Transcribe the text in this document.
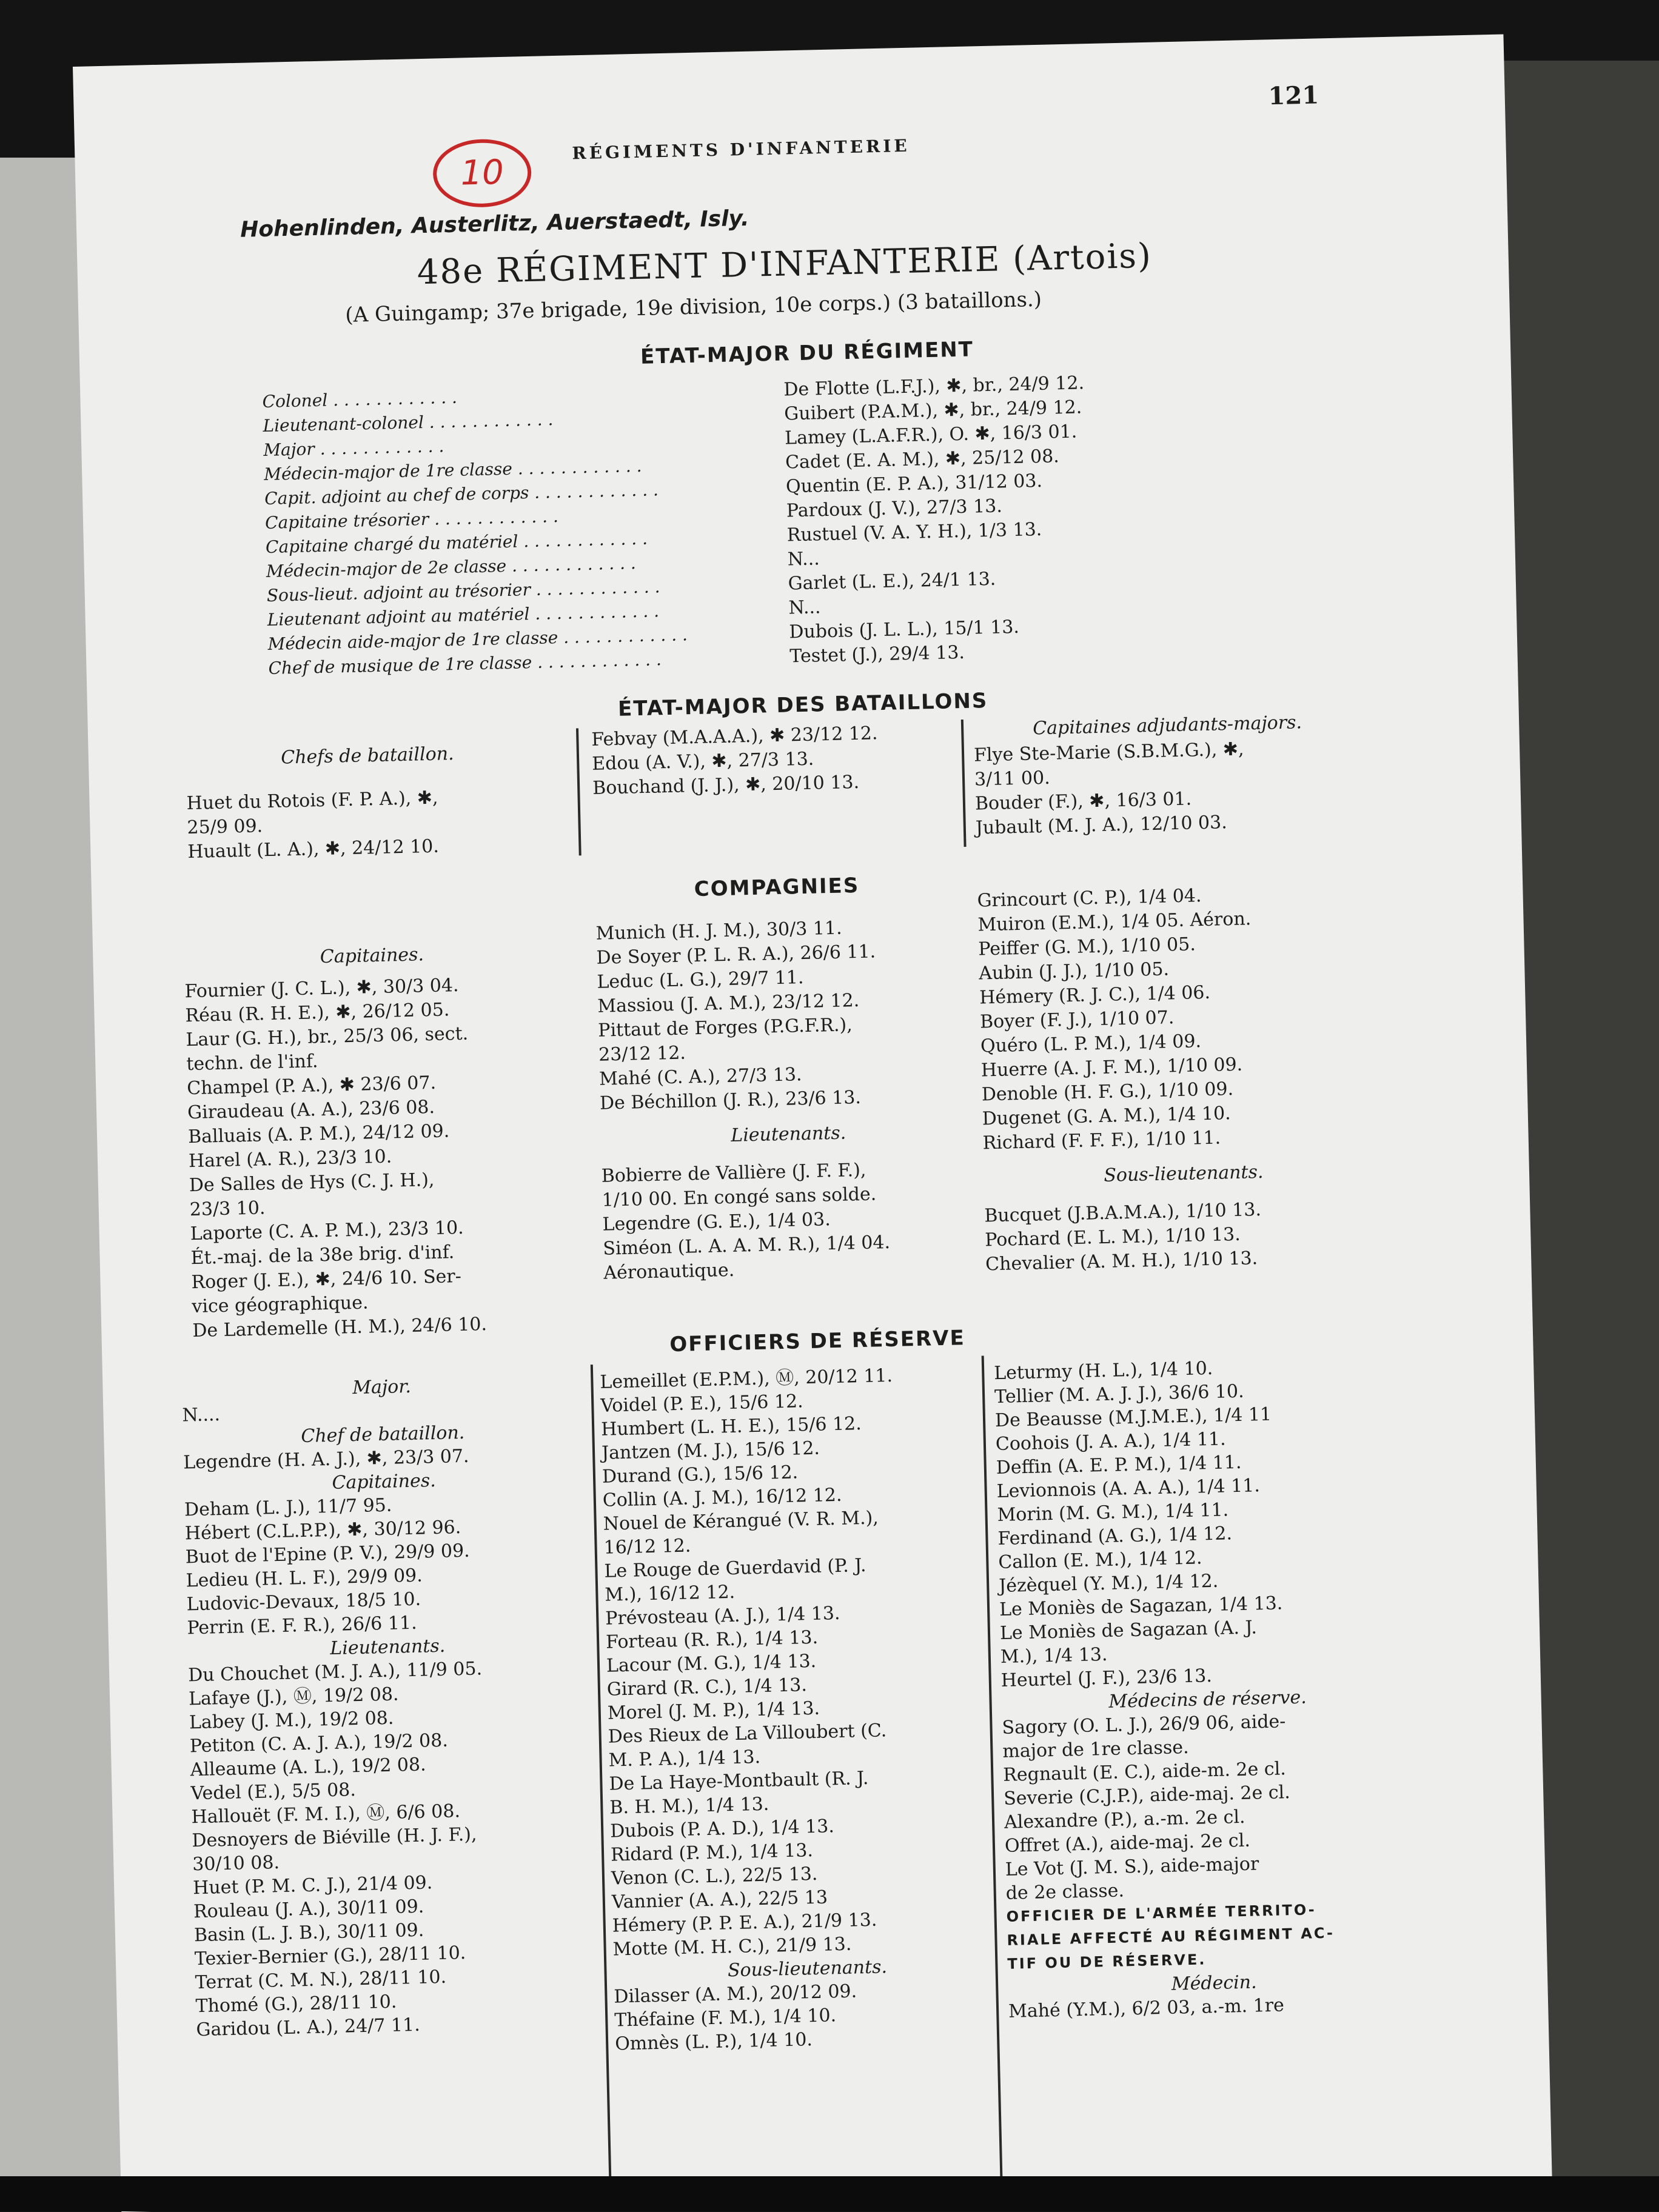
10
RÉGIMENTS D'INFANTERIE
121
Hohenlinden, Austerlitz, Auerstaedt, Isly.
48e RÉGIMENT D'INFANTERIE (Artois)
(A Guingamp; 37e brigade, 19e division, 10e corps.) (3 bataillons.)
ÉTAT-MAJOR DU RÉGIMENT
Colonel . . .
Lieutenant-colonel . . .
Major . . .
Médecin-major de 1re classe . . .
Capit. adjoint au chef de corps . . .
Capitaine trésorier . . .
Capitaine chargé du matériel . . .
Médecin-major de 2e classe . . .
Sous-lieut. adjoint au trésorier . . .
Lieutenant adjoint au matériel . . .
Médecin aide-major de 1re classe . . .
Chef de musique de 1re classe . . .
De Flotte (L.F.J.), ✱, br., 24/9 12.
Guibert (P.A.M.), ✱, br., 24/9 12.
Lamey (L.A.F.R.), O. ✱, 16/3 01.
Cadet (E. A. M.), ✱, 25/12 08.
Quentin (E. P. A.), 31/12 03.
Pardoux (J. V.), 27/3 13.
Rustuel (V. A. Y. H.), 1/3 13.
N...
Garlet (L. E.), 24/1 13.
N...
Dubois (J. L. L.), 15/1 13.
Testet (J.), 29/4 13.
ÉTAT-MAJOR DES BATAILLONS
Chefs de bataillon.
Huet du Rotois (F. P. A.), ✱,
25/9 09.
Huault (L. A.), ✱, 24/12 10.
Febvay (M.A.A.A.), ✱ 23/12 12.
Edou (A. V.), ✱, 27/3 13.
Bouchand (J. J.), ✱, 20/10 13.
Capitaines adjudants-majors.
Flye Ste-Marie (S.B.M.G.), ✱,
3/11 00.
Bouder (F.), ✱, 16/3 01.
Jubault (M. J. A.), 12/10 03.
COMPAGNIES
Capitaines.
Fournier (J. C. L.), ✱, 30/3 04.
Réau (R. H. E.), ✱, 26/12 05.
Laur (G. H.), br., 25/3 06, sect.
techn. de l'inf.
Champel (P. A.), ✱ 23/6 07.
Giraudeau (A. A.), 23/6 08.
Balluais (A. P. M.), 24/12 09.
Harel (A. R.), 23/3 10.
De Salles de Hys (C. J. H.),
23/3 10.
Laporte (C. A. P. M.), 23/3 10.
Ét.-maj. de la 38e brig. d'inf.
Roger (J. E.), ✱, 24/6 10. Ser-
vice géographique.
De Lardemelle (H. M.), 24/6 10.
Munich (H. J. M.), 30/3 11.
De Soyer (P. L. R. A.), 26/6 11.
Leduc (L. G.), 29/7 11.
Massiou (J. A. M.), 23/12 12.
Pittaut de Forges (P.G.F.R.),
23/12 12.
Mahé (C. A.), 27/3 13.
De Béchillon (J. R.), 23/6 13.
Lieutenants.
Bobierre de Vallière (J. F. F.),
1/10 00. En congé sans solde.
Legendre (G. E.), 1/4 03.
Siméon (L. A. A. M. R.), 1/4 04.
Aéronautique.
Grincourt (C. P.), 1/4 04.
Muiron (E.M.), 1/4 05. Aéron.
Peiffer (G. M.), 1/10 05.
Aubin (J. J.), 1/10 05.
Hémery (R. J. C.), 1/4 06.
Boyer (F. J.), 1/10 07.
Quéro (L. P. M.), 1/4 09.
Huerre (A. J. F. M.), 1/10 09.
Denoble (H. F. G.), 1/10 09.
Dugenet (G. A. M.), 1/4 10.
Richard (F. F. F.), 1/10 11.
Sous-lieutenants.
Bucquet (J.B.A.M.A.), 1/10 13.
Pochard (E. L. M.), 1/10 13.
Chevalier (A. M. H.), 1/10 13.
OFFICIERS DE RÉSERVE
Major.
N....
Chef de bataillon.
Legendre (H. A. J.), ✱, 23/3 07.
Capitaines.
Deham (L. J.), 11/7 95.
Hébert (C.L.P.P.), ✱, 30/12 96.
Buot de l'Epine (P. V.), 29/9 09.
Ledieu (H. L. F.), 29/9 09.
Ludovic-Devaux, 18/5 10.
Perrin (E. F. R.), 26/6 11.
Lieutenants.
Du Chouchet (M. J. A.), 11/9 05.
Lafaye (J.), Ⓜ, 19/2 08.
Labey (J. M.), 19/2 08.
Petiton (C. A. J. A.), 19/2 08.
Alleaume (A. L.), 19/2 08.
Vedel (E.), 5/5 08.
Hallouët (F. M. I.), Ⓜ, 6/6 08.
Desnoyers de Biéville (H. J. F.),
30/10 08.
Huet (P. M. C. J.), 21/4 09.
Rouleau (J. A.), 30/11 09.
Basin (L. J. B.), 30/11 09.
Texier-Bernier (G.), 28/11 10.
Terrat (C. M. N.), 28/11 10.
Thomé (G.), 28/11 10.
Garidou (L. A.), 24/7 11.
Lemeillet (E.P.M.), Ⓜ, 20/12 11.
Voidel (P. E.), 15/6 12.
Humbert (L. H. E.), 15/6 12.
Jantzen (M. J.), 15/6 12.
Durand (G.), 15/6 12.
Collin (A. J. M.), 16/12 12.
Nouel de Kérangué (V. R. M.),
16/12 12.
Le Rouge de Guerdavid (P. J.
M.), 16/12 12.
Prévosteau (A. J.), 1/4 13.
Forteau (R. R.), 1/4 13.
Lacour (M. G.), 1/4 13.
Girard (R. C.), 1/4 13.
Morel (J. M. P.), 1/4 13.
Des Rieux de La Villoubert (C.
M. P. A.), 1/4 13.
De La Haye-Montbault (R. J.
B. H. M.), 1/4 13.
Dubois (P. A. D.), 1/4 13.
Ridard (P. M.), 1/4 13.
Venon (C. L.), 22/5 13.
Vannier (A. A.), 22/5 13
Hémery (P. P. E. A.), 21/9 13.
Motte (M. H. C.), 21/9 13.
Sous-lieutenants.
Dilasser (A. M.), 20/12 09.
Théfaine (F. M.), 1/4 10.
Omnès (L. P.), 1/4 10.
Leturmy (H. L.), 1/4 10.
Tellier (M. A. J. J.), 36/6 10.
De Beausse (M.J.M.E.), 1/4 11
Coohois (J. A. A.), 1/4 11.
Deffin (A. E. P. M.), 1/4 11.
Levionnois (A. A. A.), 1/4 11.
Morin (M. G. M.), 1/4 11.
Ferdinand (A. G.), 1/4 12.
Callon (E. M.), 1/4 12.
Jézèquel (Y. M.), 1/4 12.
Le Moniès de Sagazan, 1/4 13.
Le Moniès de Sagazan (A. J.
M.), 1/4 13.
Heurtel (J. F.), 23/6 13.
Médecins de réserve.
Sagory (O. L. J.), 26/9 06, aide-
major de 1re classe.
Regnault (E. C.), aide-m. 2e cl.
Severie (C.J.P.), aide-maj. 2e cl.
Alexandre (P.), a.-m. 2e cl.
Offret (A.), aide-maj. 2e cl.
Le Vot (J. M. S.), aide-major
de 2e classe.
OFFICIER DE L'ARMÉE TERRITO-
RIALE AFFECTÉ AU RÉGIMENT AC-
TIF OU DE RÉSERVE.
Médecin.
Mahé (Y.M.), 6/2 03, a.-m. 1re
